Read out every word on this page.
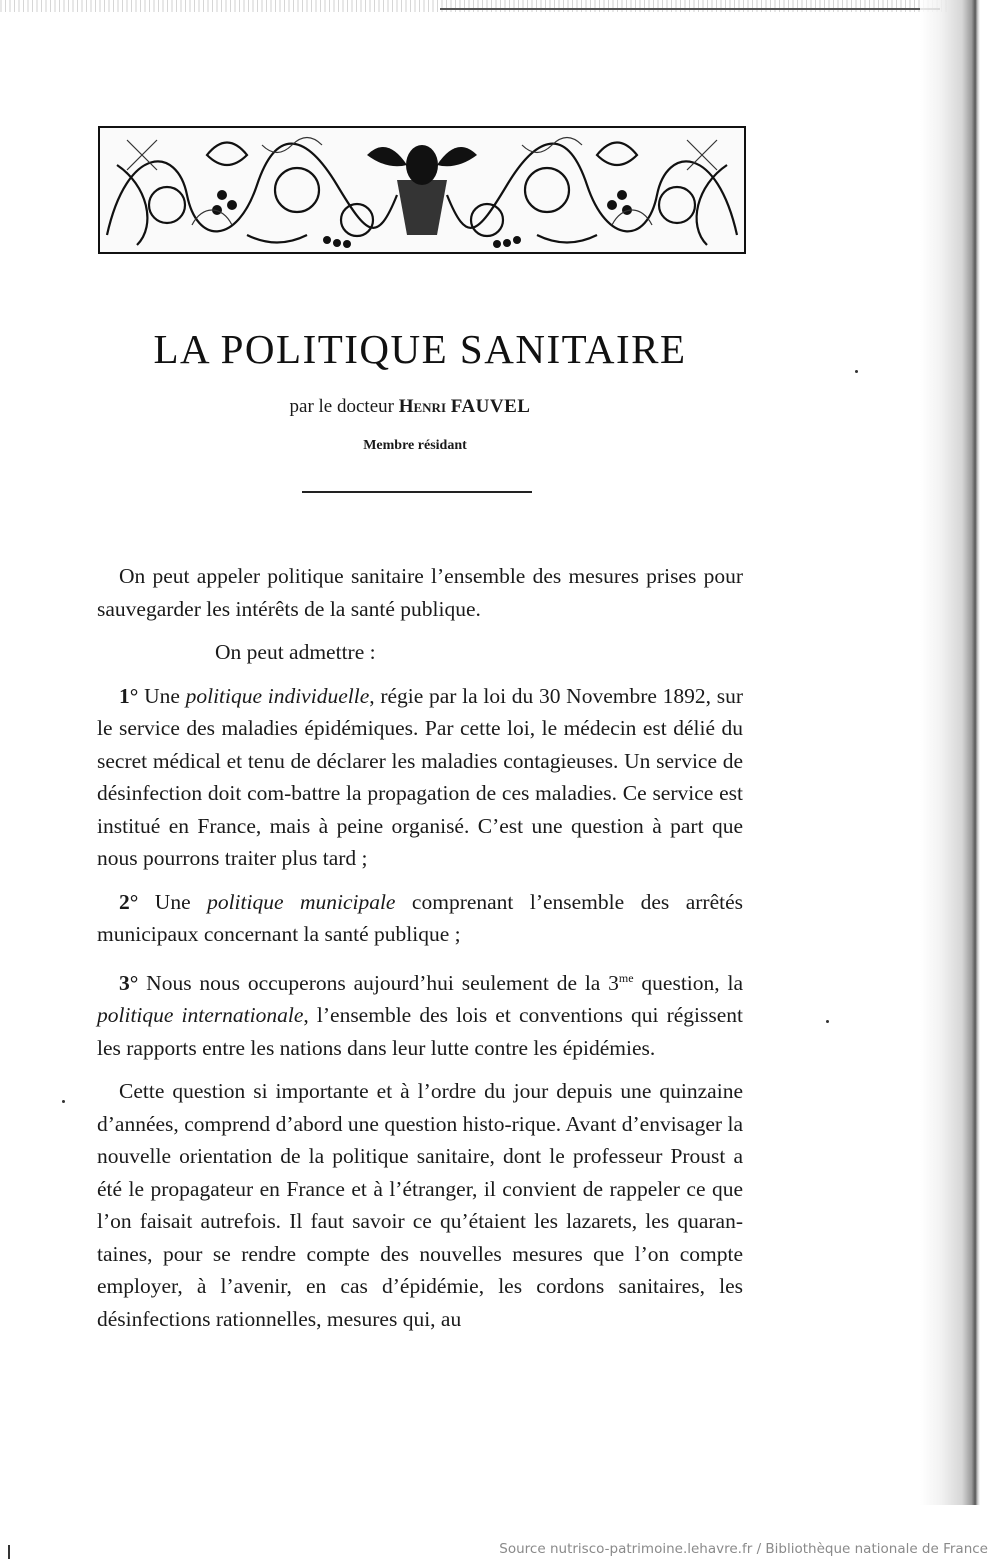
LA POLITIQUE SANITAIRE
par le docteur Henri FAUVEL
Membre résidant

On peut appeler politique sanitaire l’ensemble des mesures prises pour sauvegarder les intérêts de la santé publique.

On peut admettre :

1° Une politique individuelle, régie par la loi du 30 Novembre 1892, sur le service des maladies épidémiques. Par cette loi, le médecin est délié du secret médical et tenu de déclarer les maladies contagieuses. Un service de désinfection doit com-battre la propagation de ces maladies. Ce service est institué en France, mais à peine organisé. C’est une question à part que nous pourrons traiter plus tard ;

2° Une politique municipale comprenant l’ensemble des arrêtés municipaux concernant la santé publique ;

3° Nous nous occuperons aujourd’hui seulement de la $3^{me}$ question, la politique internationale, l’ensemble des lois et conventions qui régissent les rapports entre les nations dans leur lutte contre les épidémies.

Cette question si importante et à l’ordre du jour depuis une quinzaine d’années, comprend d’abord une question histo-rique. Avant d’envisager la nouvelle orientation de la politique sanitaire, dont le professeur Proust a été le propagateur en France et à l’étranger, il convient de rappeler ce que l’on faisait autrefois. Il faut savoir ce qu’étaient les lazarets, les quaran-taines, pour se rendre compte des nouvelles mesures que l’on compte employer, à l’avenir, en cas d’épidémie, les cordons sanitaires, les désinfections rationnelles, mesures qui, au

Source nutrisco-patrimoine.lehavre.fr / Bibliothèque nationale de France
